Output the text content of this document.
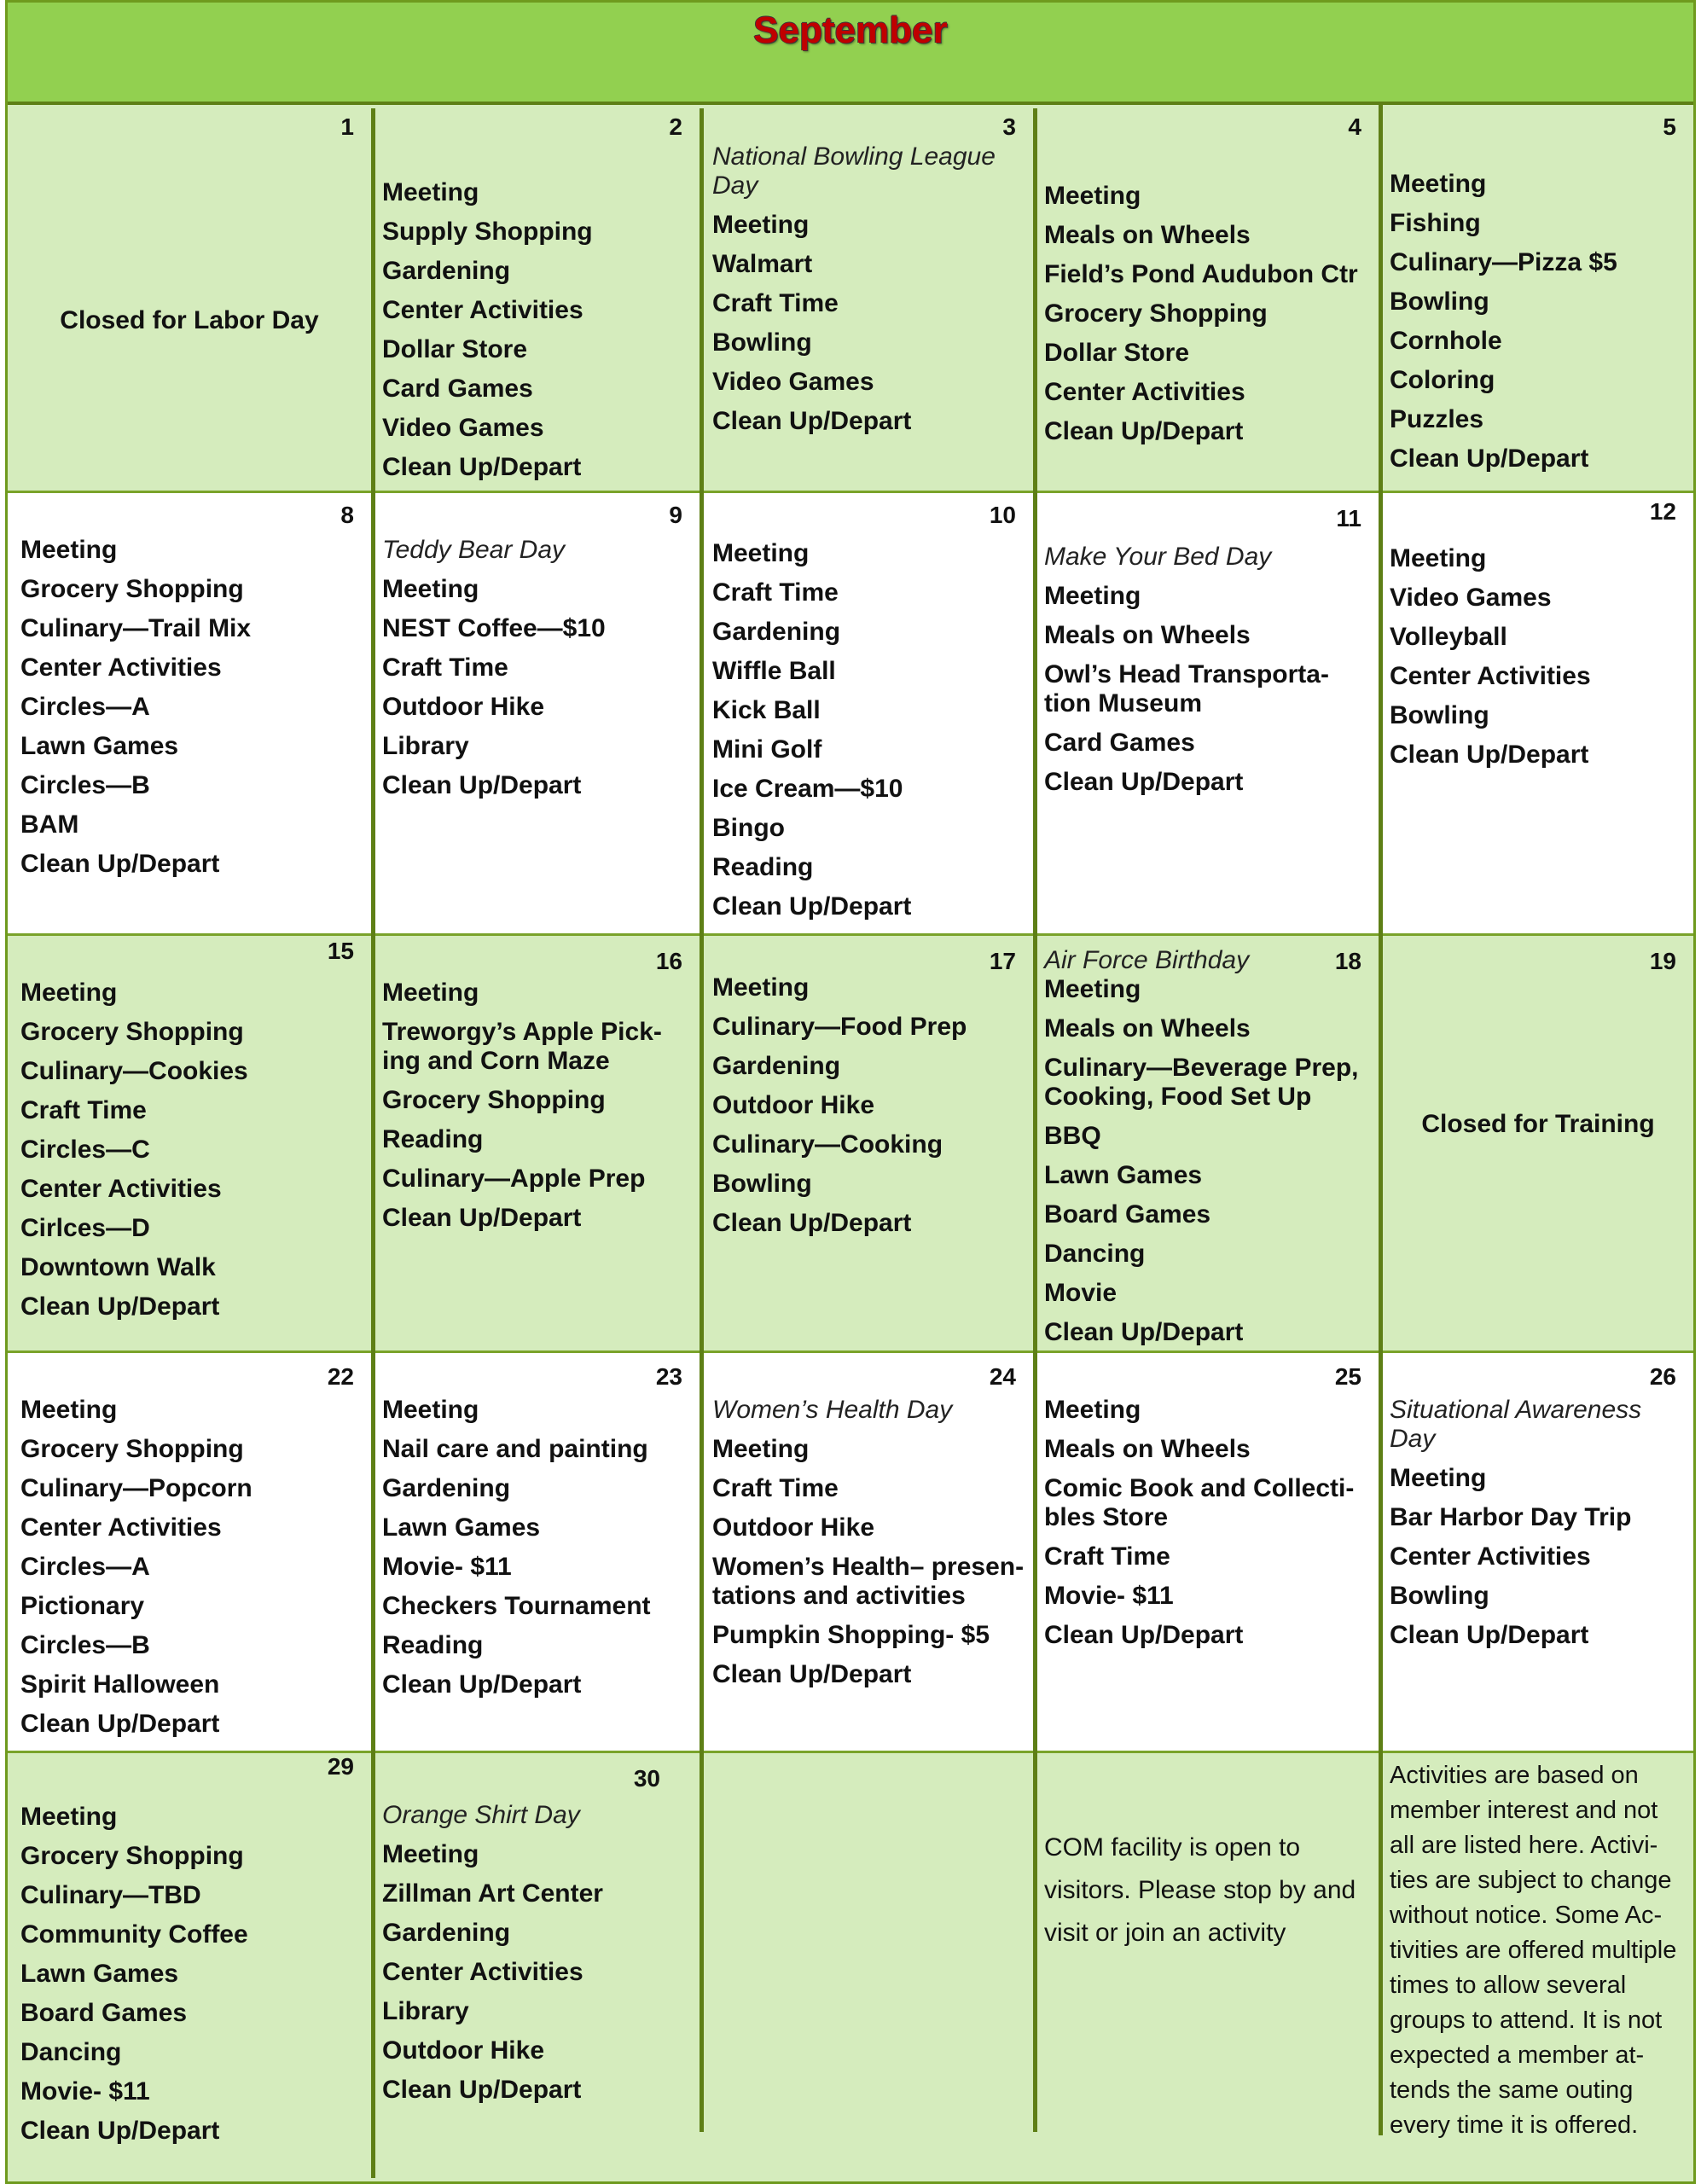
September
1
Closed for Labor Day
2
Meeting
Supply Shopping
Gardening
Center Activities
Dollar Store
Card Games
Video Games
Clean Up/Depart
3
National Bowling League Day
Meeting
Walmart
Craft Time
Bowling
Video Games
Clean Up/Depart
4
Meeting
Meals on Wheels
Field’s Pond Audubon Ctr
Grocery Shopping
Dollar Store
Center Activities
Clean Up/Depart
5
Meeting
Fishing
Culinary—Pizza $5
Bowling
Cornhole
Coloring
Puzzles
Clean Up/Depart
8
Meeting
Grocery Shopping
Culinary—Trail Mix
Center Activities
Circles—A
Lawn Games
Circles—B
BAM
Clean Up/Depart
9
Teddy Bear Day
Meeting
NEST Coffee—$10
Craft Time
Outdoor Hike
Library
Clean Up/Depart
10
Meeting
Craft Time
Gardening
Wiffle Ball
Kick Ball
Mini Golf
Ice Cream—$10
Bingo
Reading
Clean Up/Depart
11
Make Your Bed Day
Meeting
Meals on Wheels
Owl’s Head Transporta-tion Museum
Card Games
Clean Up/Depart
12
Meeting
Video Games
Volleyball
Center Activities
Bowling
Clean Up/Depart
15
Meeting
Grocery Shopping
Culinary—Cookies
Craft Time
Circles—C
Center Activities
Cirlces—D
Downtown Walk
Clean Up/Depart
16
Meeting
Treworgy’s Apple Pick-ing and Corn Maze
Grocery Shopping
Reading
Culinary—Apple Prep
Clean Up/Depart
17
Meeting
Culinary—Food Prep
Gardening
Outdoor Hike
Culinary—Cooking
Bowling
Clean Up/Depart
18
Air Force Birthday
Meeting
Meals on Wheels
Culinary—Beverage Prep, Cooking, Food Set Up
BBQ
Lawn Games
Board Games
Dancing
Movie
Clean Up/Depart
19
Closed for Training
22
Meeting
Grocery Shopping
Culinary—Popcorn
Center Activities
Circles—A
Pictionary
Circles—B
Spirit Halloween
Clean Up/Depart
23
Meeting
Nail care and painting
Gardening
Lawn Games
Movie- $11
Checkers Tournament
Reading
Clean Up/Depart
24
Women’s Health Day
Meeting
Craft Time
Outdoor Hike
Women’s Health– presen-tations and activities
Pumpkin Shopping- $5
Clean Up/Depart
25
Meeting
Meals on Wheels
Comic Book and Collecti-bles Store
Craft Time
Movie- $11
Clean Up/Depart
26
Situational Awareness Day
Meeting
Bar Harbor Day Trip
Center Activities
Bowling
Clean Up/Depart
29
Meeting
Grocery Shopping
Culinary—TBD
Community Coffee
Lawn Games
Board Games
Dancing
Movie- $11
Clean Up/Depart
30
Orange Shirt Day
Meeting
Zillman Art Center
Gardening
Center Activities
Library
Outdoor Hike
Clean Up/Depart
COM facility is open to visitors. Please stop by and visit or join an activity
Activities are based on member interest and not all are listed here. Activi-ties are subject to change without notice. Some Ac-tivities are offered multiple times to allow several groups to attend. It is not expected a member at-tends the same outing every time it is offered.
